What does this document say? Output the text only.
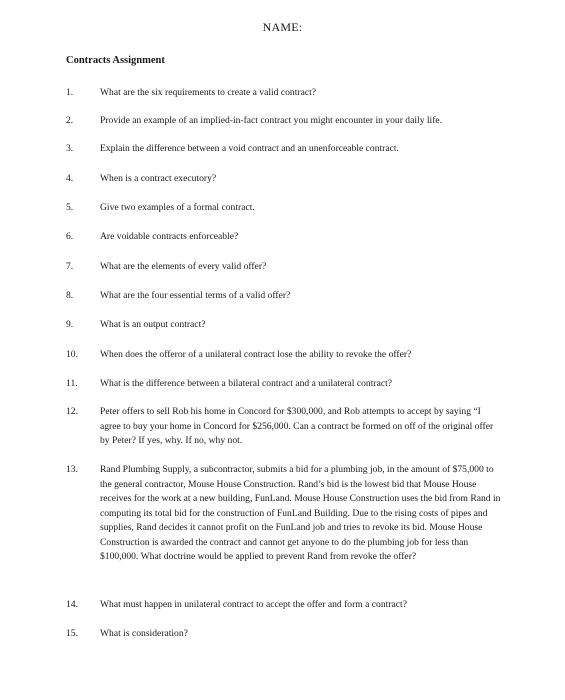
NAME:
Contracts Assignment
1.	What are the six requirements to create a valid contract?
2.	Provide an example of an implied-in-fact contract you might encounter in your daily life.
3.	Explain the difference between a void contract and an unenforceable contract.
4.	When is a contract executory?
5.	Give two examples of a formal contract.
6.	Are voidable contracts enforceable?
7.	What are the elements of every valid offer?
8.	What are the four essential terms of a valid offer?
9.	What is an output contract?
10.	When does the offeror of a unilateral contract lose the ability to revoke the offer?
11.	What is the difference between a bilateral contract and a unilateral contract?
12.	Peter offers to sell Rob his home in Concord for $300,000, and Rob attempts to accept by saying “I agree to buy your home in Concord for $256,000. Can a contract be formed on off of the original offer by Peter? If yes, why. If no, why not.
13.	Rand Plumbing Supply, a subcontractor, submits a bid for a plumbing job, in the amount of $75,000 to the general contractor, Mouse House Construction. Rand’s bid is the lowest bid that Mouse House receives for the work at a new building, FunLand. Mouse House Construction uses the bid from Rand in computing its total bid for the construction of FunLand Building. Due to the rising costs of pipes and supplies, Rand decides it cannot profit on the FunLand job and tries to revoke its bid. Mouse House Construction is awarded the contract and cannot get anyone to do the plumbing job for less than $100,000. What doctrine would be applied to prevent Rand from revoke the offer?
14.	What must happen in unilateral contract to accept the offer and form a contract?
15.	What is consideration?
